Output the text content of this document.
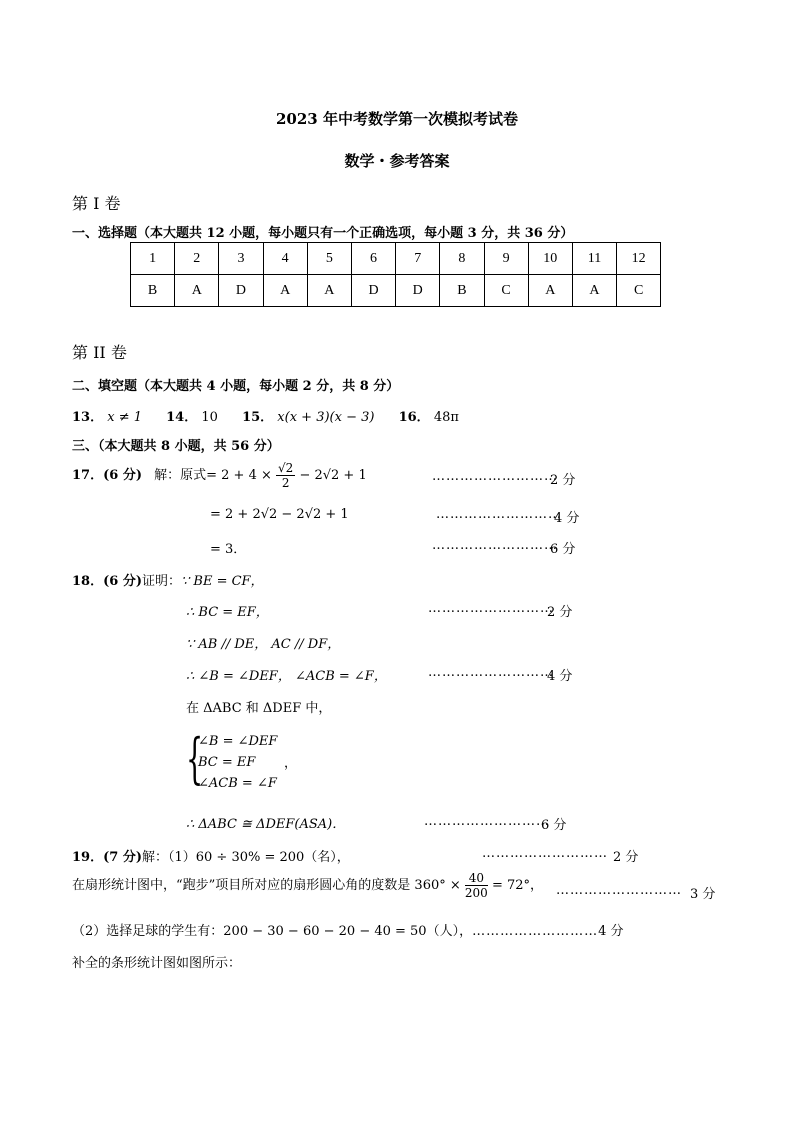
2023 年中考数学第一次模拟考试卷
数学・参考答案
第 I 卷
一、选择题（本大题共 12 小题，每小题只有一个正确选项，每小题 3 分，共 36 分）
1	2	3	4	5	6	7	8	9	10	11	12
B	A	D	A	A	D	D	B	C	A	A	C
第 II 卷
二、填空题（本大题共 4 小题，每小题 2 分，共 8 分）
13． x ≠ 1 14． 10 15． x(x + 3)(x − 3) 16． 48π
三、（本大题共 8 小题，共 56 分）
17．(6 分) 解：原式= $2 + 4 \times \frac{√2}{2} - 2√2 + 1$	………………………
2 分
= 2 + 2√2 − 2√2 + 1	………………………
4 分
= 3．	………………………
6 分
18．(6 分)证明：∵ BE = CF，
∴ BC = EF，	………………………
2 分
∵ AB // DE， AC // DF，
∴ ∠B = ∠DEF， ∠ACB = ∠F，	………………………
4 分
在 ΔABC 和 ΔDEF 中，
{
∠B = ∠DEF
BC = EF
∠ACB = ∠F
，
∴ ΔABC ≅ ΔDEF(ASA)．	………………………
6 分
19．(7 分)解：（1）60 ÷ 30% = 200（名），	……………………… 2 分
在扇形统计图中，“跑步”项目所对应的扇形圆心角的度数是 $360^\circ \times \frac{40}{200} = 72^\circ$， ……………………… 3 分
（2）选择足球的学生有：200 − 30 − 60 − 20 − 40 = 50（人），………………………4 分
补全的条形统计图如图所示：
